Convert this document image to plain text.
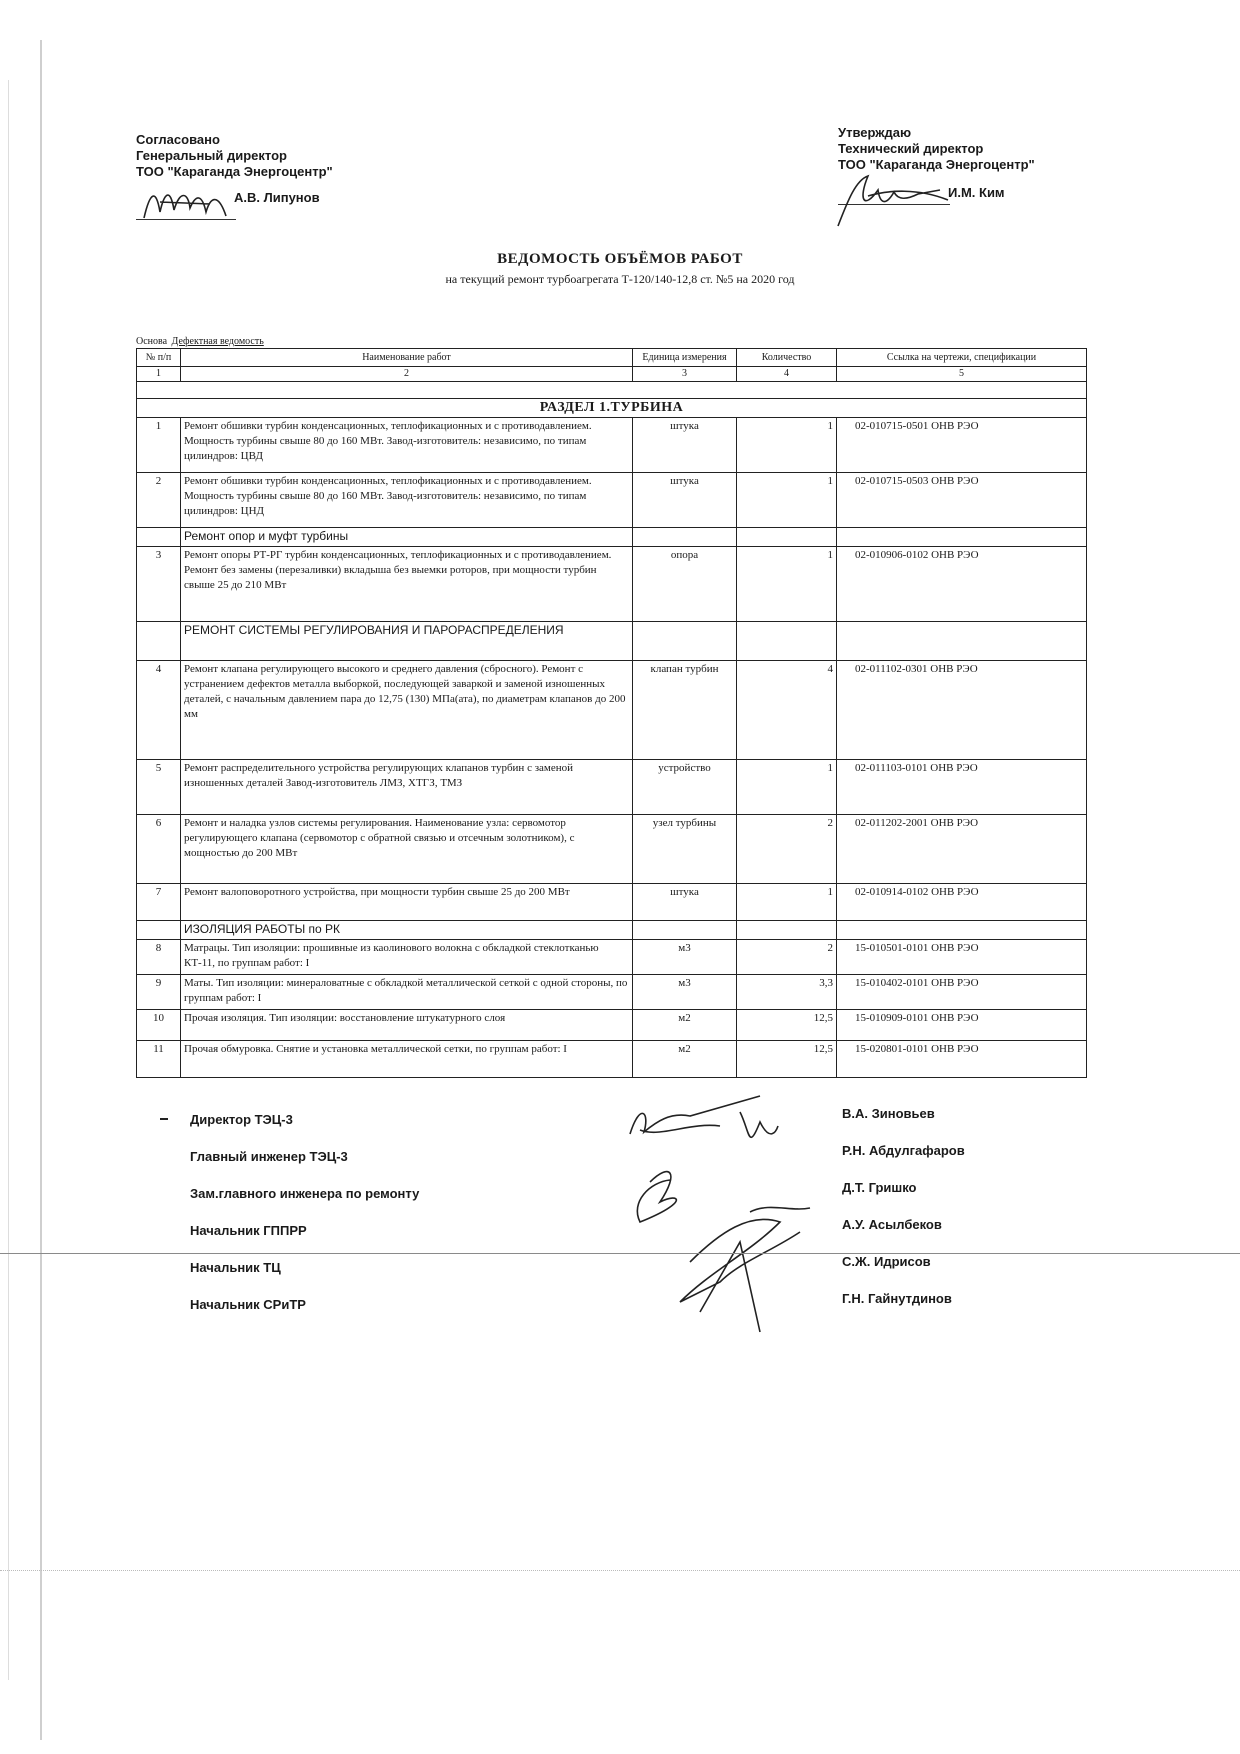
Согласовано
Генеральный директор
ТОО "Караганда Энергоцентр"
А.В. Липунов
Утверждаю
Технический директор
ТОО "Караганда Энергоцентр"
И.М. Ким
ВЕДОМОСТЬ ОБЪЁМОВ РАБОТ
на текущий ремонт турбоагрегата Т-120/140-12,8 ст. №5 на 2020 год
Основа Дефектная ведомость
№ п/п	Наименование работ	Единица измерения	Количество	Ссылка на чертежи, спецификации
1	2	3	4	5

РАЗДЕЛ 1.ТУРБИНА				
1	Ремонт обшивки турбин конденсационных, теплофикационных и с противодавлением. Мощность турбины свыше 80 до 160 МВт. Завод-изготовитель: независимо, по типам цилиндров: ЦВД	штука	1	02-010715-0501 ОНВ РЭО
2	Ремонт обшивки турбин конденсационных, теплофикационных и с противодавлением. Мощность турбины свыше 80 до 160 МВт. Завод-изготовитель: независимо, по типам цилиндров: ЦНД	штука	1	02-010715-0503 ОНВ РЭО
	Ремонт опор и муфт турбины			
3	Ремонт опоры РТ-РГ турбин конденсационных, теплофикационных и с противодавлением. Ремонт без замены (перезаливки) вкладыша без выемки роторов, при мощности турбин свыше 25 до 210 МВт	опора	1	02-010906-0102 ОНВ РЭО
	РЕМОНТ СИСТЕМЫ РЕГУЛИРОВАНИЯ И ПАРОРАСПРЕДЕЛЕНИЯ			
4	Ремонт клапана регулирующего высокого и среднего давления (сбросного). Ремонт с устранением дефектов металла выборкой, последующей заваркой и заменой изношенных деталей, с начальным давлением пара до 12,75 (130) МПа(ата), по диаметрам клапанов до 200 мм	клапан турбин	4	02-011102-0301 ОНВ РЭО
5	Ремонт распределительного устройства регулирующих клапанов турбин с заменой изношенных деталей Завод-изготовитель ЛМЗ, ХТГЗ, ТМЗ	устройство	1	02-011103-0101 ОНВ РЭО
6	Ремонт и наладка узлов системы регулирования. Наименование узла: сервомотор регулирующего клапана (сервомотор с обратной связью и отсечным золотником), с мощностью до 200 МВт	узел турбины	2	02-011202-2001 ОНВ РЭО
7	Ремонт валоповоротного устройства, при мощности турбин свыше 25 до 200 МВт	штука	1	02-010914-0102 ОНВ РЭО
	ИЗОЛЯЦИЯ РАБОТЫ по РК			
8	Матрацы. Тип изоляции: прошивные из каолинового волокна с обкладкой стеклотканью КТ-11, по группам работ: I	м3	2	15-010501-0101 ОНВ РЭО
9	Маты. Тип изоляции: минераловатные с обкладкой металлической сеткой с одной стороны, по группам работ: I	м3	3,3	15-010402-0101 ОНВ РЭО
10	Прочая изоляция. Тип изоляции: восстановление штукатурного слоя	м2	12,5	15-010909-0101 ОНВ РЭО
11	Прочая обмуровка. Снятие и установка металлической сетки, по группам работ: I	м2	12,5	15-020801-0101 ОНВ РЭО
Директор ТЭЦ-3
Главный инженер ТЭЦ-3
Зам.главного инженера по ремонту
Начальник ГППРР
Начальник ТЦ
Начальник СРиТР
В.А. Зиновьев
Р.Н. Абдулгафаров
Д.Т. Гришко
А.У. Асылбеков
С.Ж. Идрисов
Г.Н. Гайнутдинов
